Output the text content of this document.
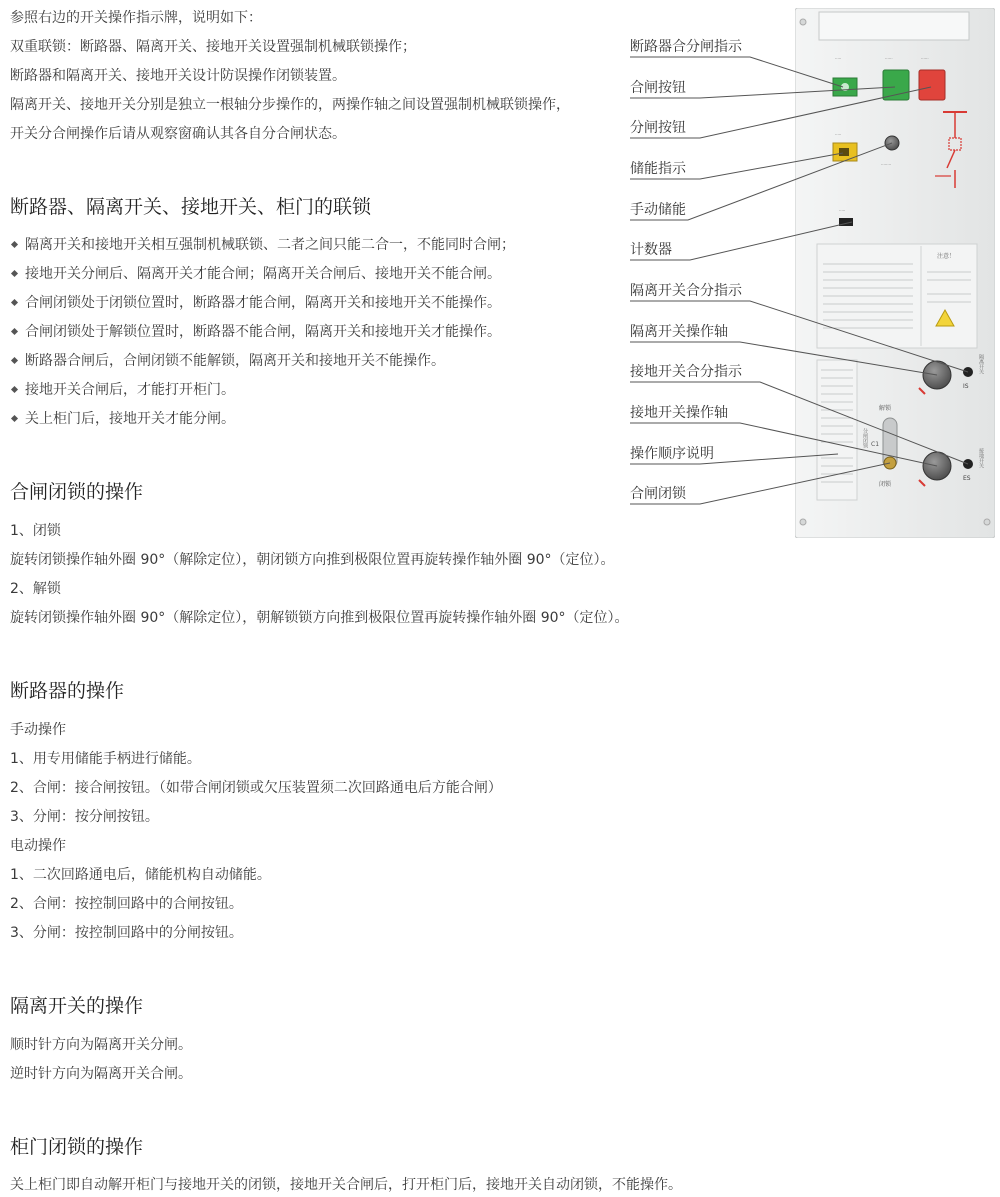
参照右边的开关操作指示牌，说明如下：
双重联锁：断路器、隔离开关、接地开关设置强制机械联锁操作；
断路器和隔离开关、接地开关设计防误操作闭锁装置。
隔离开关、接地开关分别是独立一根轴分步操作的，两操作轴之间设置强制机械联锁操作，
开关分合闸操作后请从观察窗确认其各自分合闸状态。
断路器、隔离开关、接地开关、柜门的联锁
隔离开关和接地开关相互强制机械联锁、二者之间只能二合一，不能同时合闸；
接地开关分闸后、隔离开关才能合闸；隔离开关合闸后、接地开关不能合闸。
合闸闭锁处于闭锁位置时，断路器才能合闸，隔离开关和接地开关不能操作。
合闸闭锁处于解锁位置时，断路器不能合闸，隔离开关和接地开关才能操作。
断路器合闸后，合闸闭锁不能解锁，隔离开关和接地开关不能操作。
接地开关合闸后，才能打开柜门。
关上柜门后，接地开关才能分闸。
合闸闭锁的操作
1、闭锁
旋转闭锁操作轴外圈 90°（解除定位），朝闭锁方向推到极限位置再旋转操作轴外圈 90°（定位）。
2、解锁
旋转闭锁操作轴外圈 90°（解除定位），朝解锁锁方向推到极限位置再旋转操作轴外圈 90°（定位）。
断路器的操作
手动操作
1、用专用储能手柄进行储能。
2、合闸：接合闸按钮。（如带合闸闭锁或欠压装置须二次回路通电后方能合闸）
3、分闸：按分闸按钮。
电动操作
1、二次回路通电后，储能机构自动储能。
2、合闸：按控制回路中的合闸按钮。
3、分闸：按控制回路中的分闸按钮。
隔离开关的操作
顺时针方向为隔离开关分闸。
逆时针方向为隔离开关合闸。
柜门闭锁的操作
关上柜门即自动解开柜门与接地开关的闭锁，接地开关合闸后，打开柜门后，接地开关自动闭锁，不能操作。
断路器合分闸指示
合闸按钮
分闸按钮
储能指示
手动储能
计数器
隔离开关合分指示
隔离开关操作轴
接地开关合分指示
接地开关操作轴
操作顺序说明
合闸闭锁
·····	······	······
·····
········
·····
注意！
IS
隔离开关
解锁
C1
分闸闭锁
闭锁
ES
接地开关
